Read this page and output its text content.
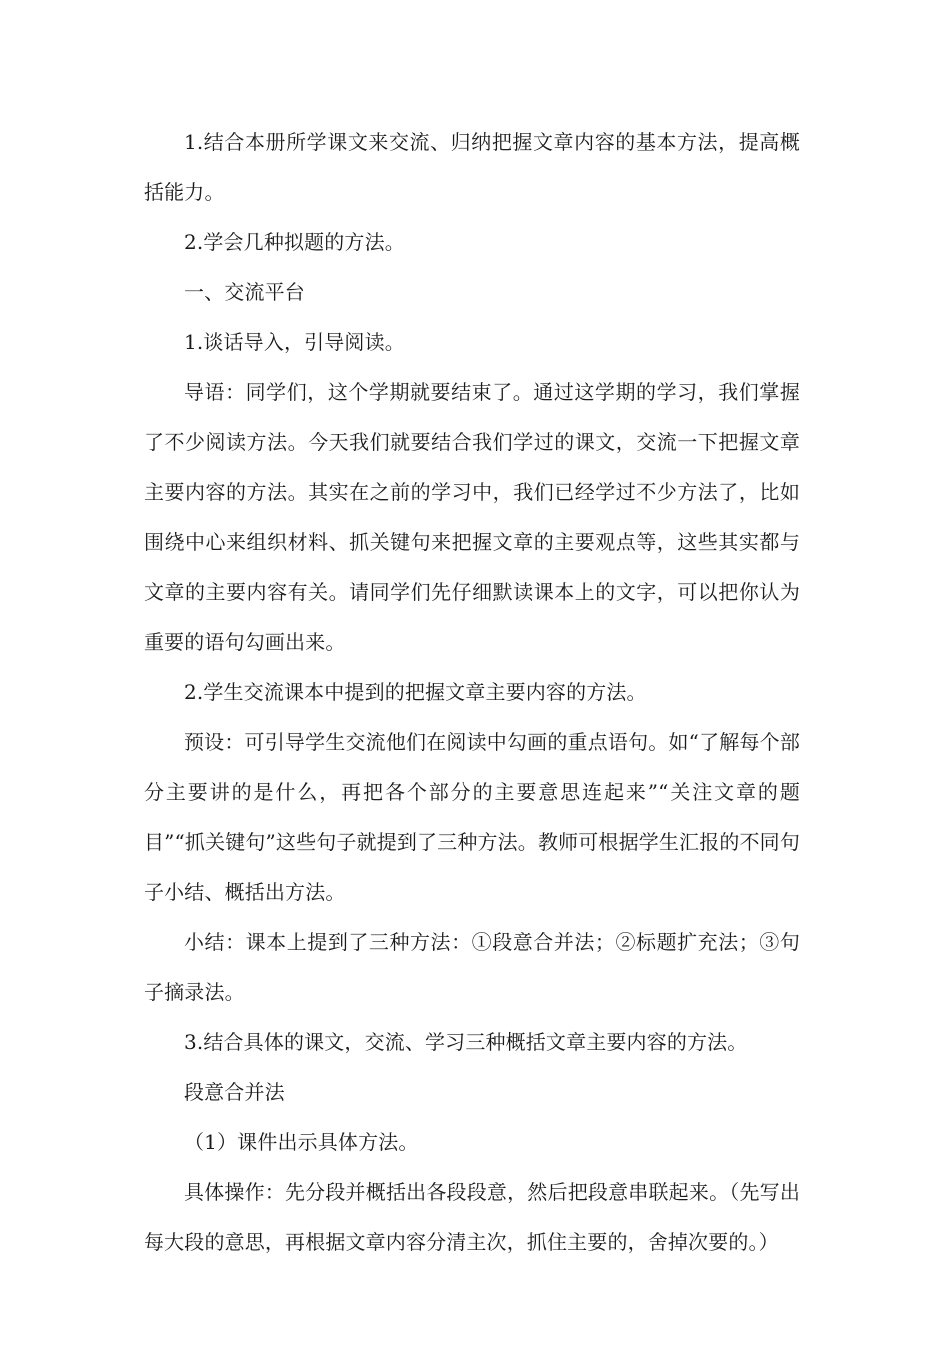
1.结合本册所学课文来交流、归纳把握文章内容的基本方法，提高概括能力。

2.学会几种拟题的方法。

一、交流平台

1.谈话导入，引导阅读。

导语：同学们，这个学期就要结束了。通过这学期的学习，我们掌握了不少阅读方法。今天我们就要结合我们学过的课文，交流一下把握文章主要内容的方法。其实在之前的学习中，我们已经学过不少方法了，比如围绕中心来组织材料、抓关键句来把握文章的主要观点等，这些其实都与文章的主要内容有关。请同学们先仔细默读课本上的文字，可以把你认为重要的语句勾画出来。

2.学生交流课本中提到的把握文章主要内容的方法。

预设：可引导学生交流他们在阅读中勾画的重点语句。如“了解每个部分主要讲的是什么，再把各个部分的主要意思连起来”“关注文章的题目”“抓关键句”这些句子就提到了三种方法。教师可根据学生汇报的不同句子小结、概括出方法。

小结：课本上提到了三种方法：①段意合并法；②标题扩充法；③句子摘录法。

3.结合具体的课文，交流、学习三种概括文章主要内容的方法。

段意合并法

（1）课件出示具体方法。

具体操作：先分段并概括出各段段意，然后把段意串联起来。（先写出每大段的意思，再根据文章内容分清主次，抓住主要的，舍掉次要的。）
